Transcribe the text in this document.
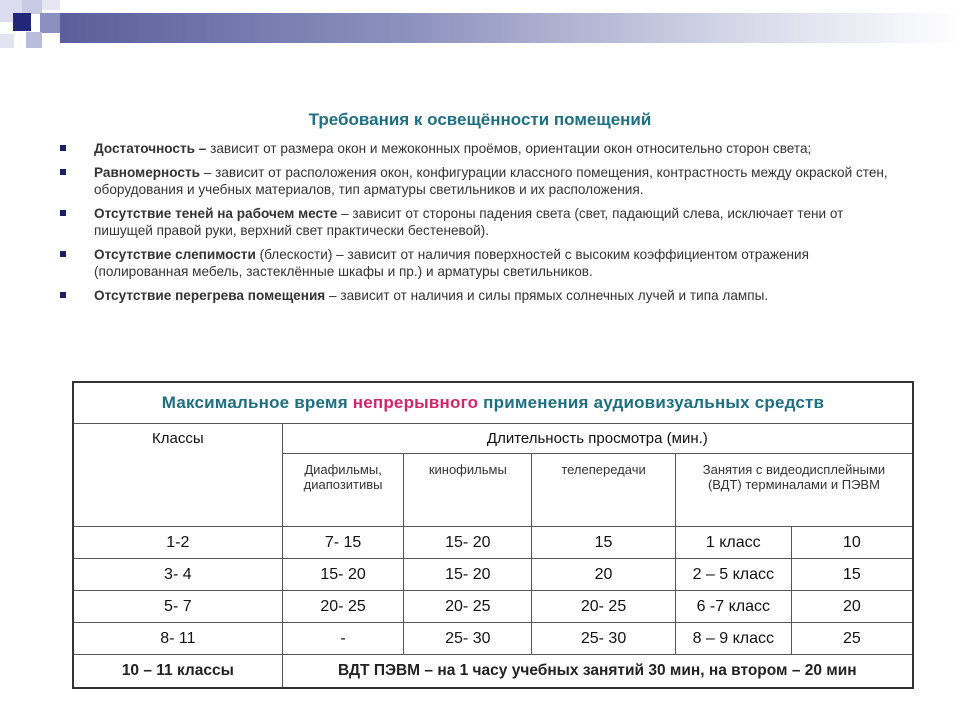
Требования к освещённости помещений
Достаточность – зависит от размера окон и межоконных проёмов, ориентации окон относительно сторон света;
Равномерность – зависит от расположения окон, конфигурации классного помещения, контрастность между окраской стен, оборудования и учебных материалов, тип арматуры светильников и их расположения.
Отсутствие теней на рабочем месте – зависит от стороны падения света (свет, падающий слева, исключает тени от пишущей правой руки, верхний свет практически бестеневой).
Отсутствие слепимости (блескости) – зависит от наличия поверхностей с высоким коэффициентом отражения (полированная мебель, застеклённые шкафы и пр.) и арматуры светильников.
Отсутствие перегрева помещения – зависит от наличия и силы прямых солнечных лучей и типа лампы.
Максимальное время непрерывного применения аудиовизуальных средств					
Классы	Длительность просмотра (мин.)				
	Диафильмы, диапозитивы	кинофильмы	телепередачи	Занятия с видеодисплейными (ВДТ) терминалами и ПЭВМ	
1-2	7- 15	15- 20	15	1 класс	10
3- 4	15- 20	15- 20	20	2 – 5 класс	15
5- 7	20- 25	20- 25	20- 25	6 -7 класс	20
8- 11	-	25- 30	25- 30	8 – 9 класс	25
10 – 11 классы	ВДТ ПЭВМ – на 1 часу учебных занятий 30 мин, на втором – 20 мин				
